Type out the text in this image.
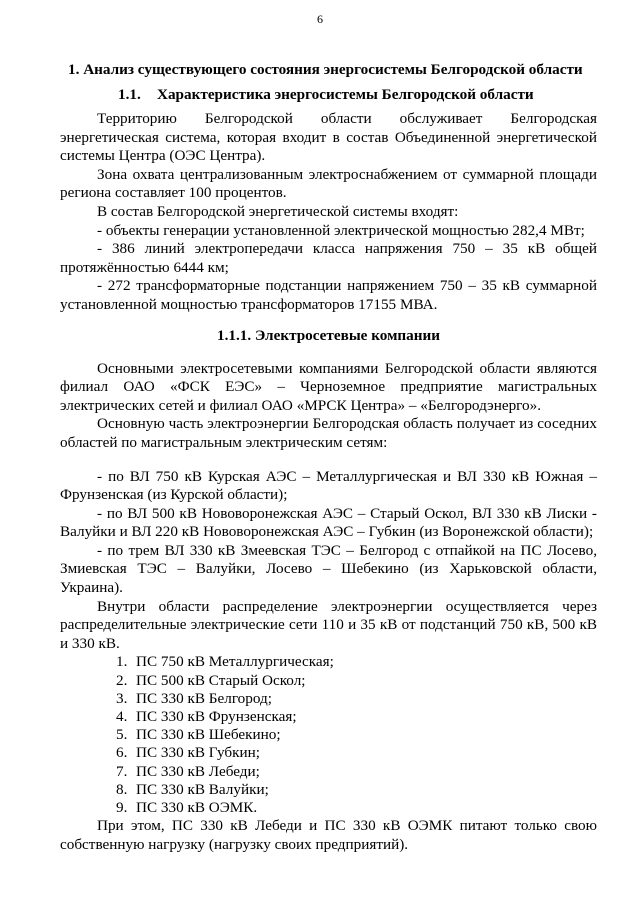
6
1. Анализ существующего состояния энергосистемы Белгородской области
1.1. Характеристика энергосистемы Белгородской области

Территорию Белгородской области обслуживает Белгородская энергетическая система, которая входит в состав Объединенной энергетической системы Центра (ОЭС Центра).

Зона охвата централизованным электроснабжением от суммарной площади региона составляет 100 процентов.

В состав Белгородской энергетической системы входят:

- объекты генерации установленной электрической мощностью 282,4 МВт;

- 386 линий электропередачи класса напряжения 750 – 35 кВ общей протяжённостью 6444 км;

- 272 трансформаторные подстанции напряжением 750 – 35 кВ суммарной установленной мощностью трансформаторов 17155 МВА.

1.1.1. Электросетевые компании

Основными электросетевыми компаниями Белгородской области являются филиал ОАО «ФСК ЕЭС» – Черноземное предприятие магистральных электрических сетей и филиал ОАО «МРСК Центра» – «Белгородэнерго».

Основную часть электроэнергии Белгородская область получает из соседних областей по магистральным электрическим сетям:

- по ВЛ 750 кВ Курская АЭС – Металлургическая и ВЛ 330 кВ Южная – Фрунзенская (из Курской области);

- по ВЛ 500 кВ Нововоронежская АЭС – Старый Оскол, ВЛ 330 кВ Лиски - Валуйки и ВЛ 220 кВ Нововоронежская АЭС – Губкин (из Воронежской области);

- по трем ВЛ 330 кВ Змеевская ТЭС – Белгород с отпайкой на ПС Лосево, Змиевская ТЭС – Валуйки, Лосево – Шебекино (из Харьковской области, Украина).

Внутри области распределение электроэнергии осуществляется через распределительные электрические сети 110 и 35 кВ от подстанций 750 кВ, 500 кВ и 330 кВ.

1. ПС 750 кВ Металлургическая;
2. ПС 500 кВ Старый Оскол;
3. ПС 330 кВ Белгород;
4. ПС 330 кВ Фрунзенская;
5. ПС 330 кВ Шебекино;
6. ПС 330 кВ Губкин;
7. ПС 330 кВ Лебеди;
8. ПС 330 кВ Валуйки;
9. ПС 330 кВ ОЭМК.

При этом, ПС 330 кВ Лебеди и ПС 330 кВ ОЭМК питают только свою собственную нагрузку (нагрузку своих предприятий).
